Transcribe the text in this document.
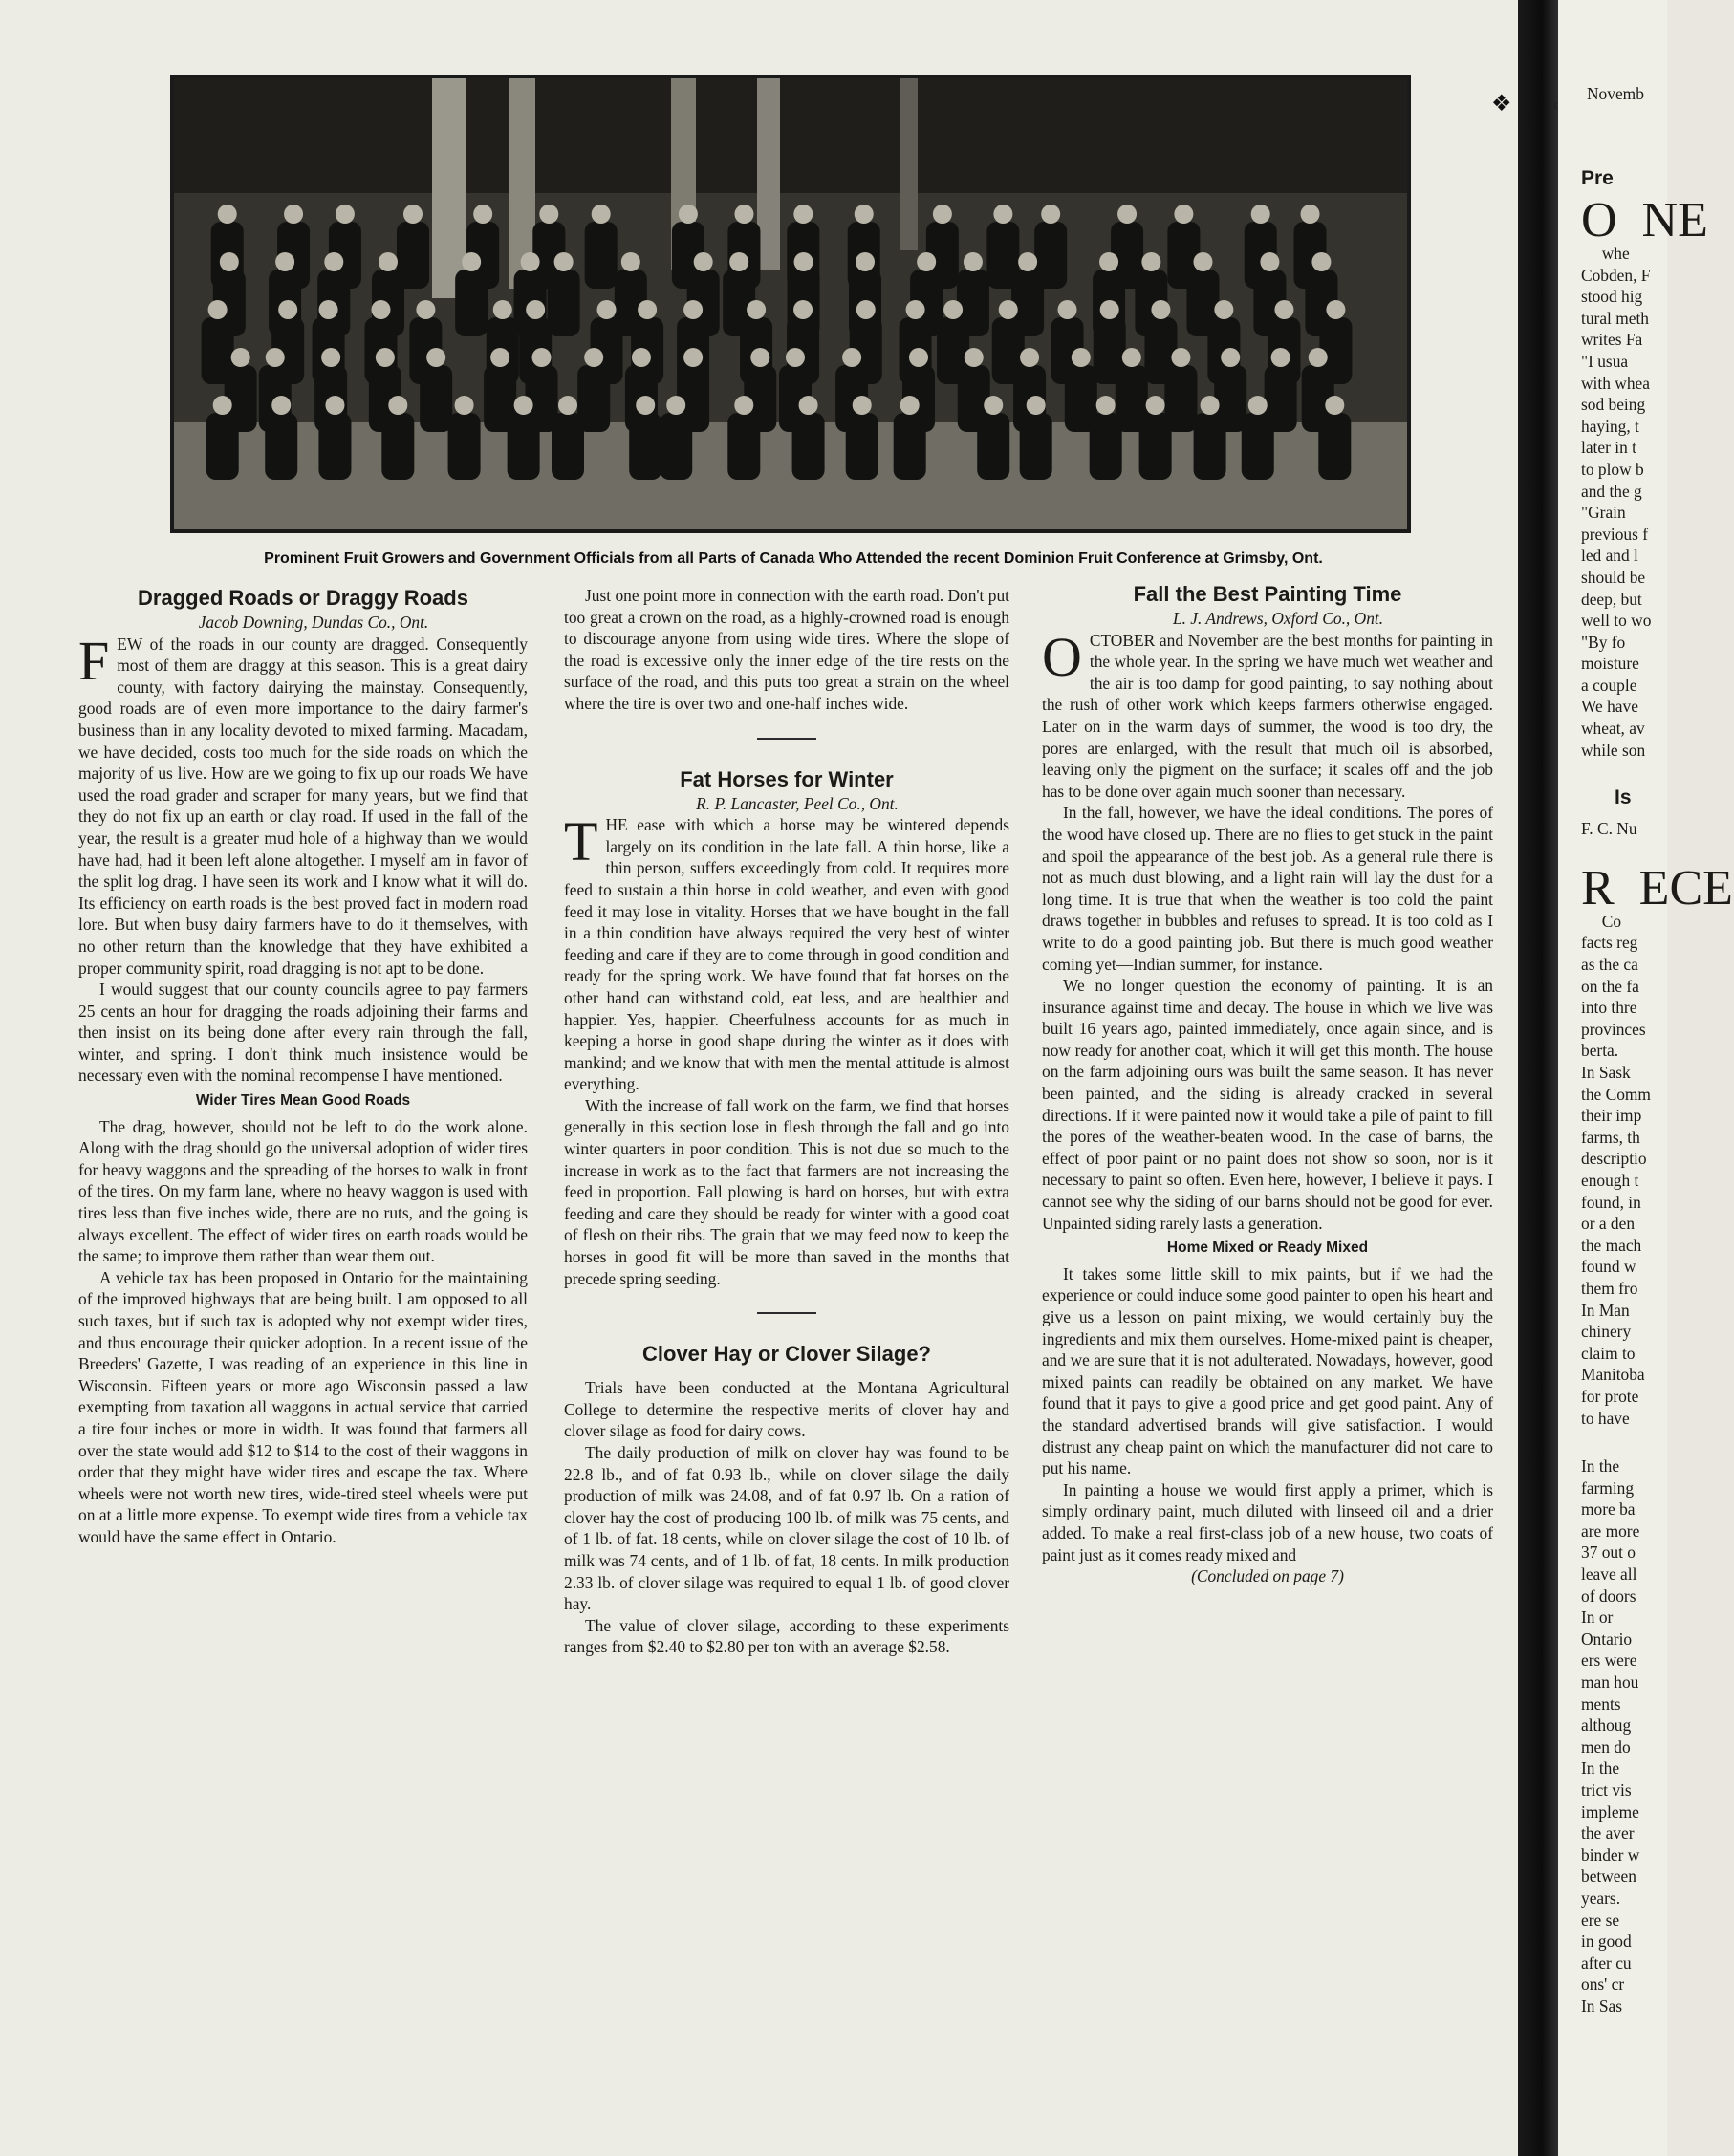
Prominent Fruit Growers and Government Officials from all Parts of Canada Who Attended the recent Dominion Fruit Conference at Grimsby, Ont.
Dragged Roads or Draggy Roads

Jacob Downing, Dundas Co., Ont.

FEW of the roads in our county are dragged. Consequently most of them are draggy at this season. This is a great dairy county, with factory dairying the mainstay. Consequently, good roads are of even more importance to the dairy farmer's business than in any locality devoted to mixed farming. Macadam, we have decided, costs too much for the side roads on which the majority of us live. How are we going to fix up our roads We have used the road grader and scraper for many years, but we find that they do not fix up an earth or clay road. If used in the fall of the year, the result is a greater mud hole of a highway than we would have had, had it been left alone altogether. I myself am in favor of the split log drag. I have seen its work and I know what it will do. Its efficiency on earth roads is the best proved fact in modern road lore. But when busy dairy farmers have to do it themselves, with no other return than the knowledge that they have exhibited a proper community spirit, road dragging is not apt to be done.

I would suggest that our county councils agree to pay farmers 25 cents an hour for dragging the roads adjoining their farms and then insist on its being done after every rain through the fall, winter, and spring. I don't think much insistence would be necessary even with the nominal recompense I have mentioned.

Wider Tires Mean Good Roads

The drag, however, should not be left to do the work alone. Along with the drag should go the universal adoption of wider tires for heavy waggons and the spreading of the horses to walk in front of the tires. On my farm lane, where no heavy waggon is used with tires less than five inches wide, there are no ruts, and the going is always excellent. The effect of wider tires on earth roads would be the same; to improve them rather than wear them out.

A vehicle tax has been proposed in Ontario for the maintaining of the improved highways that are being built. I am opposed to all such taxes, but if such tax is adopted why not exempt wider tires, and thus encourage their quicker adoption. In a recent issue of the Breeders' Gazette, I was reading of an experience in this line in Wisconsin. Fifteen years or more ago Wisconsin passed a law exempting from taxation all waggons in actual service that carried a tire four inches or more in width. It was found that farmers all over the state would add $12 to $14 to the cost of their waggons in order that they might have wider tires and escape the tax. Where wheels were not worth new tires, wide-tired steel wheels were put on at a little more expense. To exempt wide tires from a vehicle tax would have the same effect in Ontario.

Just one point more in connection with the earth road. Don't put too great a crown on the road, as a highly-crowned road is enough to discourage anyone from using wide tires. Where the slope of the road is excessive only the inner edge of the tire rests on the surface of the road, and this puts too great a strain on the wheel where the tire is over two and one-half inches wide.

Fat Horses for Winter

R. P. Lancaster, Peel Co., Ont.

THE ease with which a horse may be wintered depends largely on its condition in the late fall. A thin horse, like a thin person, suffers exceedingly from cold. It requires more feed to sustain a thin horse in cold weather, and even with good feed it may lose in vitality. Horses that we have bought in the fall in a thin condition have always required the very best of winter feeding and care if they are to come through in good condition and ready for the spring work. We have found that fat horses on the other hand can withstand cold, eat less, and are healthier and happier. Yes, happier. Cheerfulness accounts for as much in keeping a horse in good shape during the winter as it does with mankind; and we know that with men the mental attitude is almost everything.

With the increase of fall work on the farm, we find that horses generally in this section lose in flesh through the fall and go into winter quarters in poor condition. This is not due so much to the increase in work as to the fact that farmers are not increasing the feed in proportion. Fall plowing is hard on horses, but with extra feeding and care they should be ready for winter with a good coat of flesh on their ribs. The grain that we may feed now to keep the horses in good fit will be more than saved in the months that precede spring seeding.

Clover Hay or Clover Silage?

Trials have been conducted at the Montana Agricultural College to determine the respective merits of clover hay and clover silage as food for dairy cows.

The daily production of milk on clover hay was found to be 22.8 lb., and of fat 0.93 lb., while on clover silage the daily production of milk was 24.08, and of fat 0.97 lb. On a ration of clover hay the cost of producing 100 lb. of milk was 75 cents, and of 1 lb. of fat. 18 cents, while on clover silage the cost of 10 lb. of milk was 74 cents, and of 1 lb. of fat, 18 cents. In milk production 2.33 lb. of clover silage was required to equal 1 lb. of good clover hay.

The value of clover silage, according to these experiments ranges from $2.40 to $2.80 per ton with an average $2.58.

Fall the Best Painting Time

L. J. Andrews, Oxford Co., Ont.

OCTOBER and November are the best months for painting in the whole year. In the spring we have much wet weather and the air is too damp for good painting, to say nothing about the rush of other work which keeps farmers otherwise engaged. Later on in the warm days of summer, the wood is too dry, the pores are enlarged, with the result that much oil is absorbed, leaving only the pigment on the surface; it scales off and the job has to be done over again much sooner than necessary.

In the fall, however, we have the ideal conditions. The pores of the wood have closed up. There are no flies to get stuck in the paint and spoil the appearance of the best job. As a general rule there is not as much dust blowing, and a light rain will lay the dust for a long time. It is true that when the weather is too cold the paint draws together in bubbles and refuses to spread. It is too cold as I write to do a good painting job. But there is much good weather coming yet—Indian summer, for instance.

We no longer question the economy of painting. It is an insurance against time and decay. The house in which we live was built 16 years ago, painted immediately, once again since, and is now ready for another coat, which it will get this month. The house on the farm adjoining ours was built the same season. It has never been painted, and the siding is already cracked in several directions. If it were painted now it would take a pile of paint to fill the pores of the weather-beaten wood. In the case of barns, the effect of poor paint or no paint does not show so soon, nor is it necessary to paint so often. Even here, however, I believe it pays. I cannot see why the siding of our barns should not be good for ever. Unpainted siding rarely lasts a generation.

Home Mixed or Ready Mixed

It takes some little skill to mix paints, but if we had the experience or could induce some good painter to open his heart and give us a lesson on paint mixing, we would certainly buy the ingredients and mix them ourselves. Home-mixed paint is cheaper, and we are sure that it is not adulterated. Nowadays, however, good mixed paints can readily be obtained on any market. We have found that it pays to give a good price and get good paint. Any of the standard advertised brands will give satisfaction. I would distrust any cheap paint on which the manufacturer did not care to put his name.

In painting a house we would first apply a primer, which is simply ordinary paint, much diluted with linseed oil and a drier added. To make a real first-class job of a new house, two coats of paint just as it comes ready mixed and

(Concluded on page 7)
❖	Novemb
Pre
O  NE
whe
Cobden, F
stood hig
tural meth
writes Fa
"I usua
with whea
sod being
haying, t
later in t
to plow b
and the g
"Grain
previous f
led and l
should be
deep, but
well to wo
"By fo
moisture
a couple
We have
wheat, av
while son
Is
F. C. Nu
R  ECE
Co
facts reg
as the ca
on the fa
into thre
provinces
berta.
In Sask
the Comm
their imp
farms, th
descriptio
enough t
found, in
or a den
the mach
found w
them fro
In Man
chinery
claim to
Manitoba
for prote
to have
In the
farming
more ba
are more
37 out o
leave all
of doors
In or
Ontario
ers were
man hou
ments
althoug
men do
In the
trict vis
impleme
the aver
binder w
between
years.
ere se
in good
after cu
ons' cr
In Sas
‹
